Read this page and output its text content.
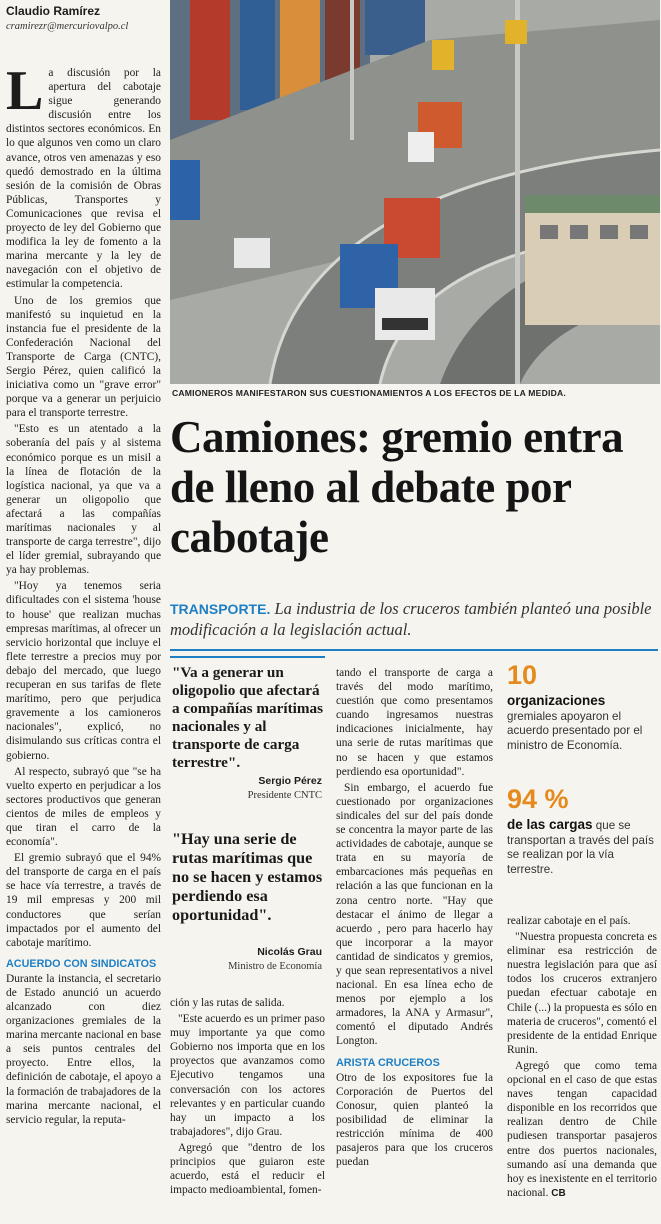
Claudio Ramírez
cramirezr@mercuriovalpo.cl
CAMIONEROS MANIFESTARON SUS CUESTIONAMIENTOS A LOS EFECTOS DE LA MEDIDA.
Camiones: gremio entra de lleno al debate por cabotaje
TRANSPORTE. La industria de los cruceros también planteó una posible modificación a la legislación actual.

La discusión por la apertura del cabotaje sigue generando discusión entre los distintos sectores económicos. En lo que algunos ven como un claro avance, otros ven amenazas y eso quedó demostrado en la última sesión de la comisión de Obras Públicas, Transportes y Comunicaciones que revisa el proyecto de ley del Gobierno que modifica la ley de fomento a la marina mercante y la ley de navegación con el objetivo de estimular la competencia.

Uno de los gremios que manifestó su inquietud en la instancia fue el presidente de la Confederación Nacional del Transporte de Carga (CNTC), Sergio Pérez, quien calificó la iniciativa como un "grave error" porque va a generar un perjuicio para el transporte terrestre.

"Esto es un atentado a la soberanía del país y al sistema económico porque es un misil a la línea de flotación de la logística nacional, ya que va a generar un oligopolio que afectará a las compañías marítimas nacionales y al transporte de carga terrestre", dijo el líder gremial, subrayando que ya hay problemas.

"Hoy ya tenemos seria dificultades con el sistema 'house to house' que realizan muchas empresas marítimas, al ofrecer un servicio horizontal que incluye el flete terrestre a precios muy por debajo del mercado, que luego recuperan en sus tarifas de flete marítimo, pero que perjudica gravemente a los camioneros nacionales", explicó, no disimulando sus críticas contra el gobierno.

Al respecto, subrayó que "se ha vuelto experto en perjudicar a los sectores productivos que generan cientos de miles de empleos y que tiran el carro de la economía".

El gremio subrayó que el 94% del transporte de carga en el país se hace vía terrestre, a través de 19 mil empresas y 200 mil conductores que serían impactados por el aumento del cabotaje marítimo.

ACUERDO CON SINDICATOS

Durante la instancia, el secretario de Estado anunció un acuerdo alcanzado con diez organizaciones gremiales de la marina mercante nacional en base a seis puntos centrales del proyecto. Entre ellos, la definición de cabotaje, el apoyo a la formación de trabajadores de la marina mercante nacional, el servicio regular, la reputa-

"Va a generar un oligopolio que afectará a compañías marítimas nacionales y al transporte de carga terrestre".
Sergio Pérez
Presidente CNTC
"Hay una serie de rutas marítimas que no se hacen y estamos perdiendo esa oportunidad".
Nicolás Grau
Ministro de Economía

ción y las rutas de salida.

"Este acuerdo es un primer paso muy importante ya que como Gobierno nos importa que en los proyectos que avanzamos como Ejecutivo tengamos una conversación con los actores relevantes y en particular cuando hay un impacto a los trabajadores", dijo Grau.

Agregó que "dentro de los principios que guiaron este acuerdo, está el reducir el impacto medioambiental, fomen-

tando el transporte de carga a través del modo marítimo, cuestión que como presentamos cuando ingresamos nuestras indicaciones inicialmente, hay una serie de rutas marítimas que no se hacen y que estamos perdiendo esa oportunidad".

Sin embargo, el acuerdo fue cuestionado por organizaciones sindicales del sur del país donde se concentra la mayor parte de las actividades de cabotaje, aunque se trata en su mayoría de embarcaciones más pequeñas en relación a las que funcionan en la zona centro norte. "Hay que destacar el ánimo de llegar a acuerdo , pero para hacerlo hay que incorporar a la mayor cantidad de sindicatos y gremios, y que sean representativos a nivel nacional. En esa línea echo de menos por ejemplo a los armadores, la ANA y Armasur", comentó el diputado Andrés Longton.

ARISTA CRUCEROS

Otro de los expositores fue la Corporación de Puertos del Conosur, quien planteó la posibilidad de eliminar la restricción mínima de 400 pasajeros para que los cruceros puedan

10
organizaciones gremiales apoyaron el acuerdo presentado por el ministro de Economía.
94 %
de las cargas que se transportan a través del país se realizan por la vía terrestre.

realizar cabotaje en el país.

"Nuestra propuesta concreta es eliminar esa restricción de nuestra legislación para que así todos los cruceros extranjero puedan efectuar cabotaje en Chile (...) la propuesta es sólo en materia de cruceros", comentó el presidente de la entidad Enrique Runin.

Agregó que como tema opcional en el caso de que estas naves tengan capacidad disponible en los recorridos que realizan dentro de Chile pudiesen transportar pasajeros entre dos puertos nacionales, sumando así una demanda que hoy es inexistente en el territorio nacional. CB
